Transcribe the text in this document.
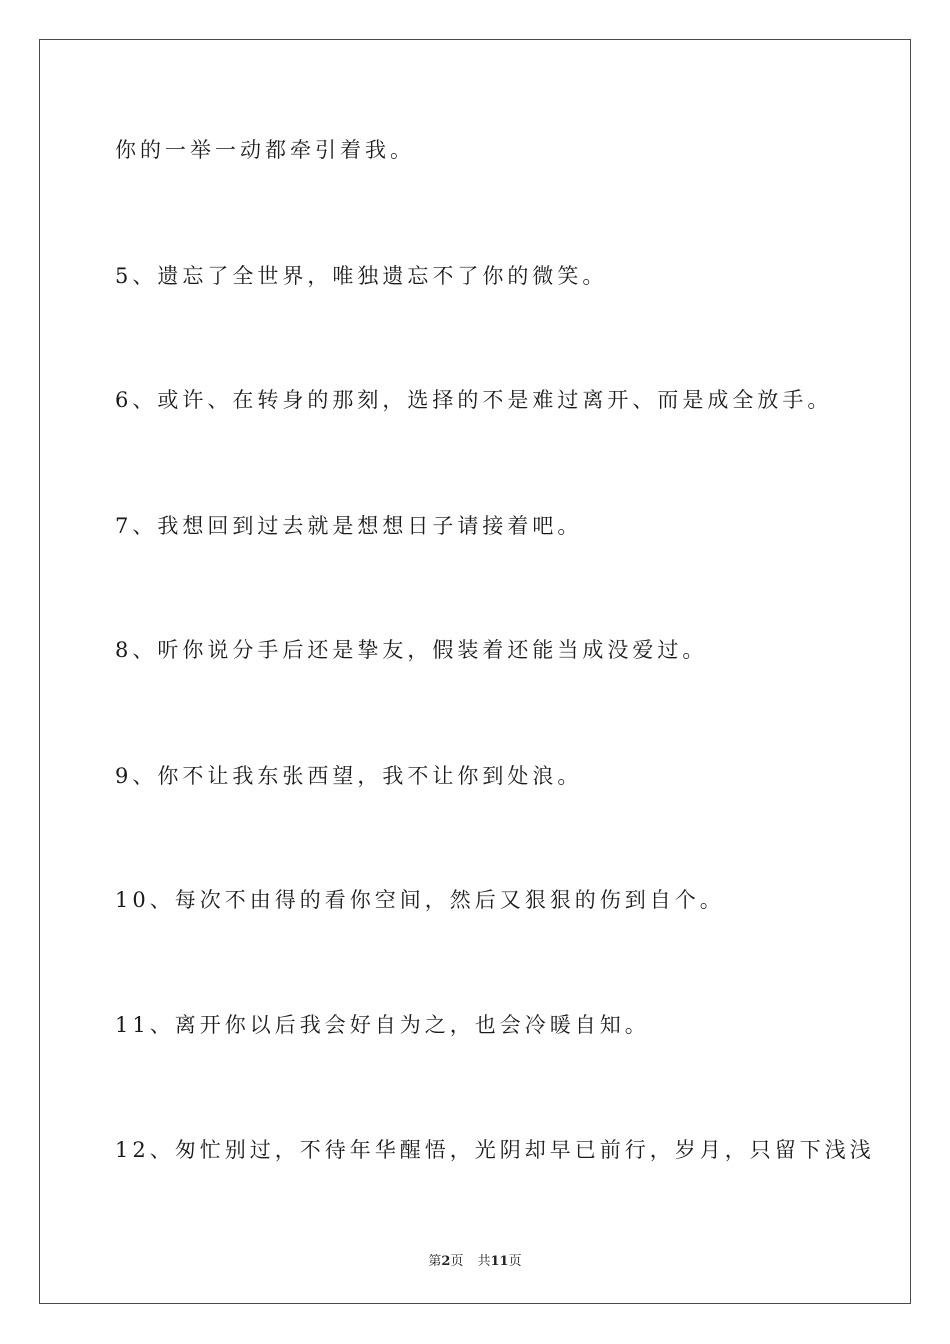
你的一举一动都牵引着我。
5、遗忘了全世界，唯独遗忘不了你的微笑。
6、或许、在转身的那刻，选择的不是难过离开、而是成全放手。
7、我想回到过去就是想想日子请接着吧。
8、听你说分手后还是挚友，假装着还能当成没爱过。
9、你不让我东张西望，我不让你到处浪。
10、每次不由得的看你空间，然后又狠狠的伤到自个。
11、离开你以后我会好自为之，也会冷暖自知。
12、匆忙别过，不待年华醒悟，光阴却早已前行，岁月，只留下浅浅
第2页 共11页
